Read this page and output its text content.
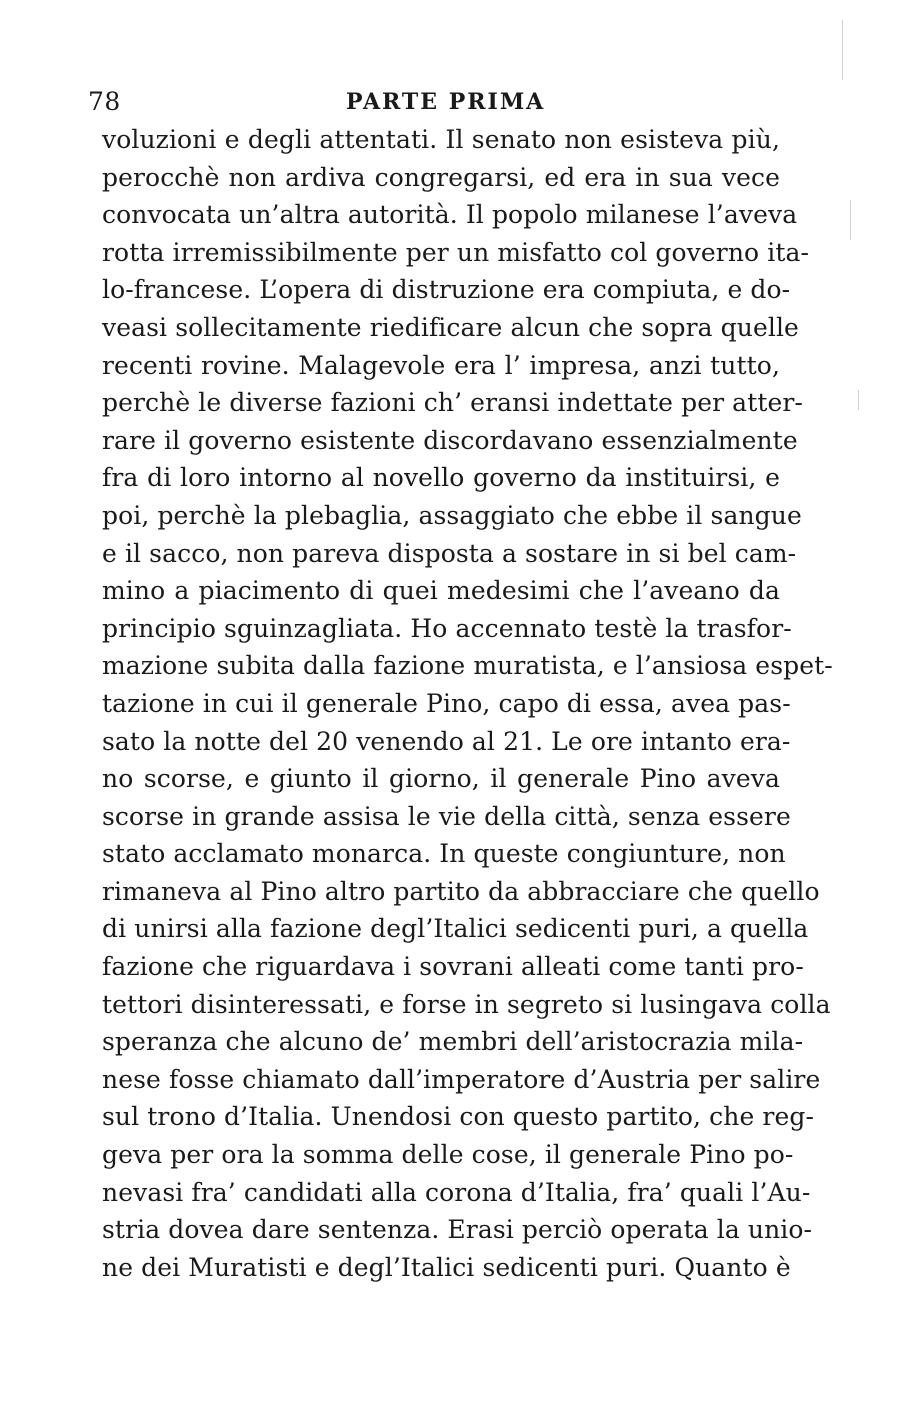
78	PARTE PRIMA
voluzioni e degli attentati. Il senato non esisteva più,
perocchè non ardiva congregarsi, ed era in sua vece
convocata un’altra autorità. Il popolo milanese l’aveva
rotta irremissibilmente per un misfatto col governo ita-
lo-francese. L’opera di distruzione era compiuta, e do-
veasi sollecitamente riedificare alcun che sopra quelle
recenti rovine. Malagevole era l’ impresa, anzi tutto,
perchè le diverse fazioni ch’ eransi indettate per atter-
rare il governo esistente discordavano essenzialmente
fra di loro intorno al novello governo da instituirsi, e
poi, perchè la plebaglia, assaggiato che ebbe il sangue
e il sacco, non pareva disposta a sostare in si bel cam-
mino a piacimento di quei medesimi che l’aveano da
principio sguinzagliata. Ho accennato testè la trasfor-
mazione subita dalla fazione muratista, e l’ansiosa espet-
tazione in cui il generale Pino, capo di essa, avea pas-
sato la notte del 20 venendo al 21. Le ore intanto era-
no scorse, e giunto il giorno, il generale Pino aveva
scorse in grande assisa le vie della città, senza essere
stato acclamato monarca. In queste congiunture, non
rimaneva al Pino altro partito da abbracciare che quello
di unirsi alla fazione degl’Italici sedicenti puri, a quella
fazione che riguardava i sovrani alleati come tanti pro-
tettori disinteressati, e forse in segreto si lusingava colla
speranza che alcuno de’ membri dell’aristocrazia mila-
nese fosse chiamato dall’imperatore d’Austria per salire
sul trono d’Italia. Unendosi con questo partito, che reg-
geva per ora la somma delle cose, il generale Pino po-
nevasi fra’ candidati alla corona d’Italia, fra’ quali l’Au-
stria dovea dare sentenza. Erasi perciò operata la unio-
ne dei Muratisti e degl’Italici sedicenti puri. Quanto è
